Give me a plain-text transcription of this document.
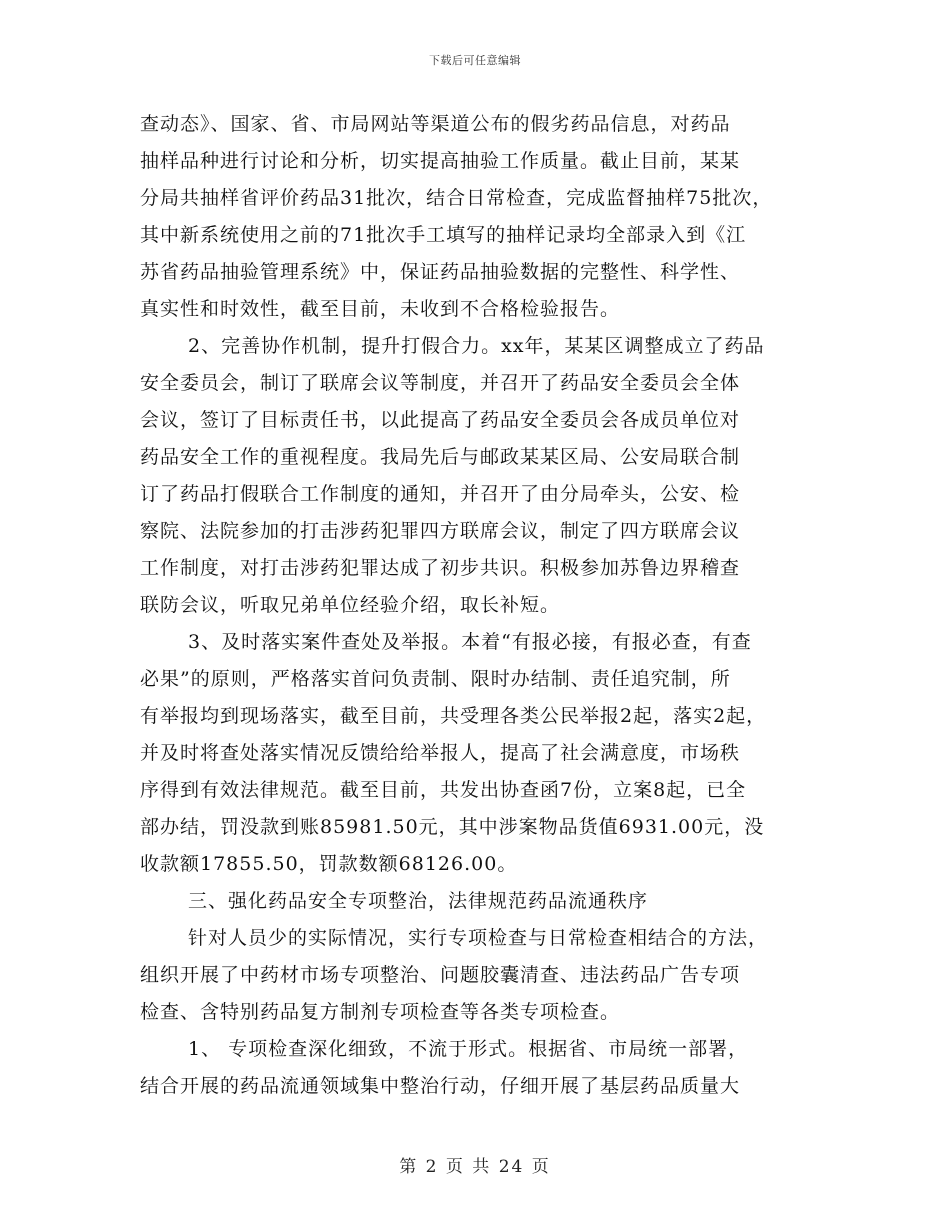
下载后可任意编辑
查动态》、国家、省、市局网站等渠道公布的假劣药品信息，对药品
抽样品种进行讨论和分析，切实提高抽验工作质量。截止目前，某某
分局共抽样省评价药品31批次，结合日常检查，完成监督抽样75批次，
其中新系统使用之前的71批次手工填写的抽样记录均全部录入到《江
苏省药品抽验管理系统》中，保证药品抽验数据的完整性、科学性、
真实性和时效性，截至目前，未收到不合格检验报告。
2、完善协作机制，提升打假合力。xx年，某某区调整成立了药品
安全委员会，制订了联席会议等制度，并召开了药品安全委员会全体
会议，签订了目标责任书，以此提高了药品安全委员会各成员单位对
药品安全工作的重视程度。我局先后与邮政某某区局、公安局联合制
订了药品打假联合工作制度的通知，并召开了由分局牵头，公安、检
察院、法院参加的打击涉药犯罪四方联席会议，制定了四方联席会议
工作制度，对打击涉药犯罪达成了初步共识。积极参加苏鲁边界稽查
联防会议，听取兄弟单位经验介绍，取长补短。
3、及时落实案件查处及举报。本着“有报必接，有报必查，有查
必果”的原则，严格落实首问负责制、限时办结制、责任追究制，所
有举报均到现场落实，截至目前，共受理各类公民举报2起，落实2起，
并及时将查处落实情况反馈给给举报人，提高了社会满意度，市场秩
序得到有效法律规范。截至目前，共发出协查函7份，立案8起，已全
部办结，罚没款到账85981.50元，其中涉案物品货值6931.00元，没
收款额17855.50，罚款数额68126.00。
三、强化药品安全专项整治，法律规范药品流通秩序
针对人员少的实际情况，实行专项检查与日常检查相结合的方法，
组织开展了中药材市场专项整治、问题胶囊清查、违法药品广告专项
检查、含特别药品复方制剂专项检查等各类专项检查。
1、 专项检查深化细致，不流于形式。根据省、市局统一部署，
结合开展的药品流通领域集中整治行动，仔细开展了基层药品质量大
第 2 页 共 24 页
